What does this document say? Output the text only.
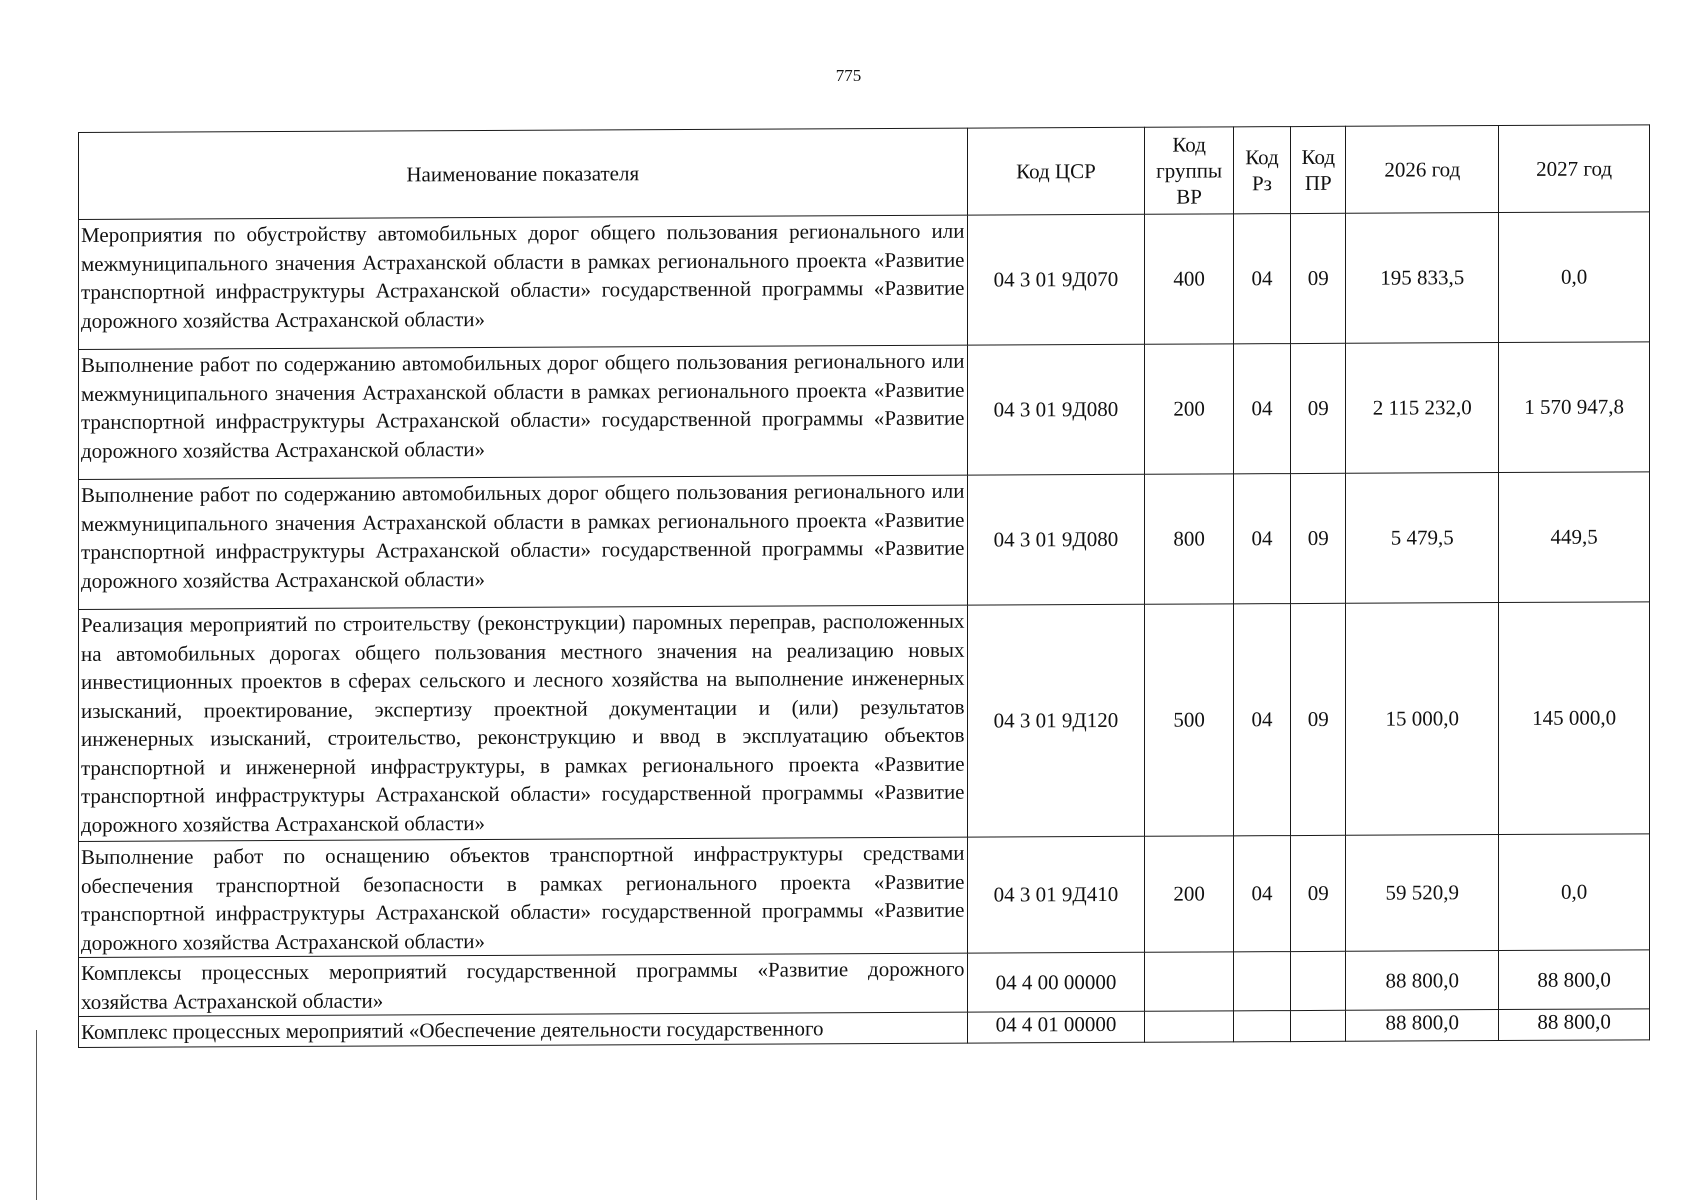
775
Наименование показателя	Код ЦСР	Код группы ВР	Код Рз	Код ПР	2026 год	2027 год
Мероприятия по обустройству автомобильных дорог общего пользования регионального или межмуниципального значения Астраханской области в рамках регионального проекта «Развитие транспортной инфраструктуры Астраханской области» государственной программы «Развитие дорожного хозяйства Астраханской области»	04 3 01 9Д070	400	04	09	195 833,5	0,0
Выполнение работ по содержанию автомобильных дорог общего пользования регионального или межмуниципального значения Астраханской области в рамках регионального проекта «Развитие транспортной инфраструктуры Астраханской области» государственной программы «Развитие дорожного хозяйства Астраханской области»	04 3 01 9Д080	200	04	09	2 115 232,0	1 570 947,8
Выполнение работ по содержанию автомобильных дорог общего пользования регионального или межмуниципального значения Астраханской области в рамках регионального проекта «Развитие транспортной инфраструктуры Астраханской области» государственной программы «Развитие дорожного хозяйства Астраханской области»	04 3 01 9Д080	800	04	09	5 479,5	449,5
Реализация мероприятий по строительству (реконструкции) паромных переправ, расположенных на автомобильных дорогах общего пользования местного значения на реализацию новых инвестиционных проектов в сферах сельского и лесного хозяйства на выполнение инженерных изысканий, проектирование, экспертизу проектной документации и (или) результатов инженерных изысканий, строительство, реконструкцию и ввод в эксплуатацию объектов транспортной и инженерной инфраструктуры, в рамках регионального проекта «Развитие транспортной инфраструктуры Астраханской области» государственной программы «Развитие дорожного хозяйства Астраханской области»	04 3 01 9Д120	500	04	09	15 000,0	145 000,0
Выполнение работ по оснащению объектов транспортной инфраструктуры средствами обеспечения транспортной безопасности в рамках регионального проекта «Развитие транспортной инфраструктуры Астраханской области» государственной программы «Развитие дорожного хозяйства Астраханской области»	04 3 01 9Д410	200	04	09	59 520,9	0,0
Комплексы процессных мероприятий государственной программы «Развитие дорожного хозяйства Астраханской области»	04 4 00 00000				88 800,0	88 800,0
Комплекс процессных мероприятий «Обеспечение деятельности государственного	04 4 01 00000				88 800,0	88 800,0
